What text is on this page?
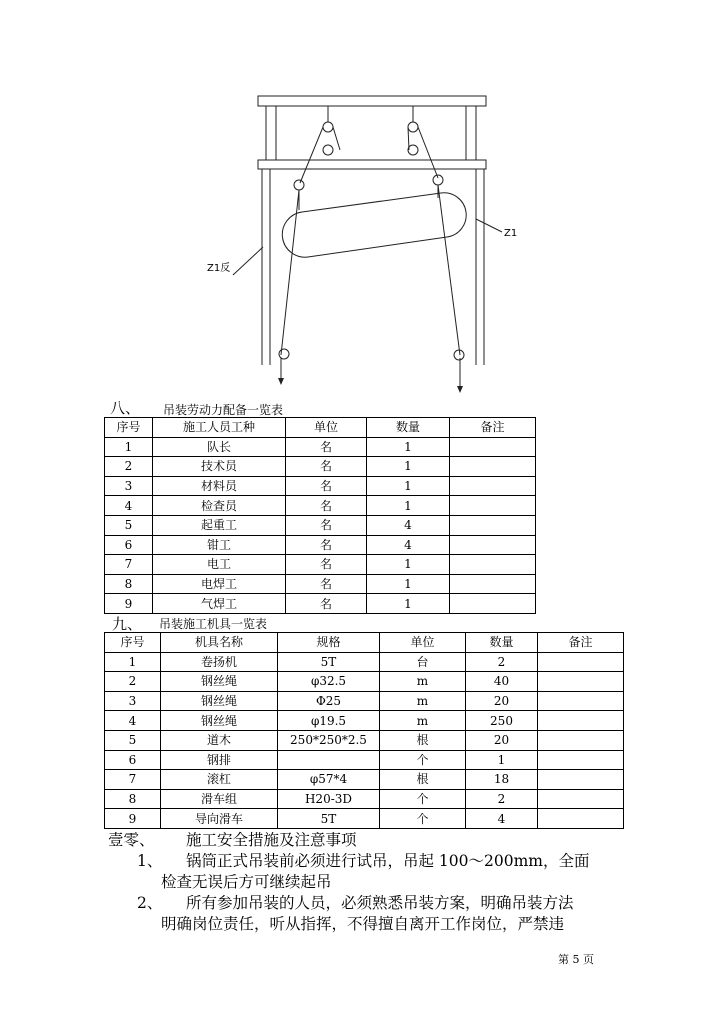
Z1反
Z1
八、 吊装劳动力配备一览表
序号	施工人员工种	单位	数量	备注
1	队长	名	1	
2	技术员	名	1	
3	材料员	名	1	
4	检查员	名	1	
5	起重工	名	4	
6	钳工	名	4	
7	电工	名	1	
8	电焊工	名	1	
9	气焊工	名	1	
九、 吊装施工机具一览表
序号	机具名称	规格	单位	数量	备注
1	卷扬机	5T	台	2	
2	钢丝绳	φ32.5	m	40	
3	钢丝绳	Φ25	m	20	
4	钢丝绳	φ19.5	m	250	
5	道木	250*250*2.5	根	20	
6	钢排		个	1	
7	滚杠	φ57*4	根	18	
8	滑车组	H20-3D	个	2	
9	导向滑车	5T	个	4	
壹零、 施工安全措施及注意事项
1、 锅筒正式吊装前必须进行试吊，吊起 100～200mm，全面
检查无误后方可继续起吊
2、 所有参加吊装的人员，必须熟悉吊装方案，明确吊装方法
明确岗位责任，听从指挥，不得擅自离开工作岗位，严禁违
第 5 页
